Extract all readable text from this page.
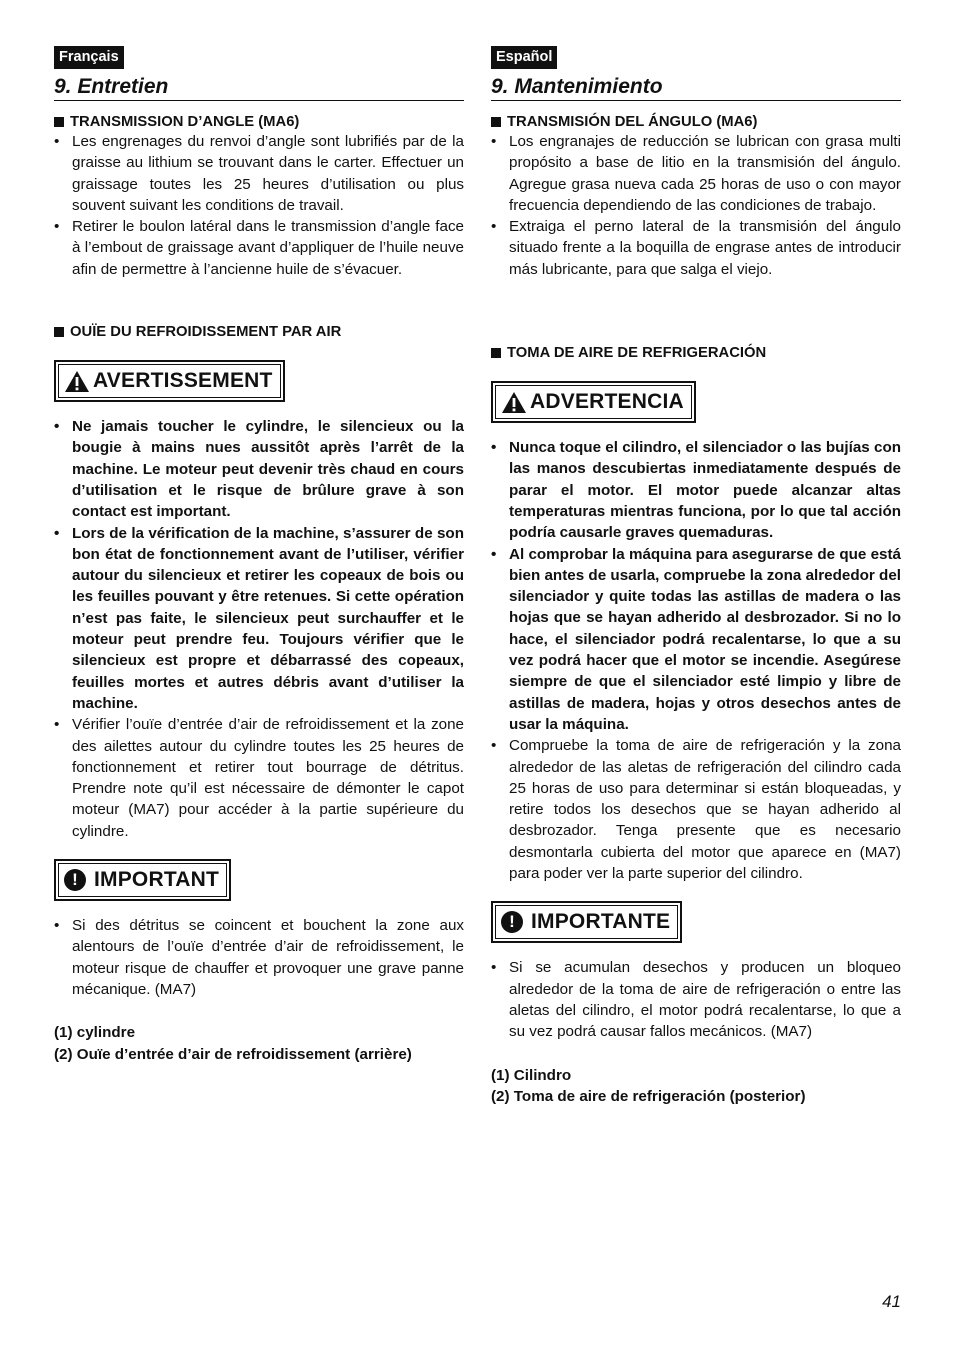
Français
9. Entretien
TRANSMISSION D’ANGLE (MA6)
• Les engrenages du renvoi d’angle sont lubrifiés par de la graisse au lithium se trouvant dans le carter. Effectuer un graissage toutes les 25 heures d’utilisation ou plus souvent suivant les conditions de travail.
• Retirer le boulon latéral dans le transmission d’angle face à l’embout de graissage avant d’appliquer de l’huile neuve afin de permettre à l’ancienne huile de s’évacuer.
OUÏE DU REFROIDISSEMENT PAR AIR
AVERTISSEMENT
• Ne jamais toucher le cylindre, le silencieux ou la bougie à mains nues aussitôt après l’arrêt de la machine. Le moteur peut devenir très chaud en cours d’utilisation et le risque de brûlure grave à son contact est important.
• Lors de la vérification de la machine, s’assurer de son bon état de fonctionnement avant de l’utiliser, vérifier autour du silencieux et retirer les copeaux de bois ou les feuilles pouvant y être retenues. Si cette opération n’est pas faite, le silencieux peut surchauffer et le moteur peut prendre feu. Toujours vérifier que le silencieux est propre et débarrassé des copeaux, feuilles mortes et autres débris avant d’utiliser la machine.
• Vérifier l’ouïe d’entrée d’air de refroidissement et la zone des ailettes autour du cylindre toutes les 25 heures de fonctionnement et retirer tout bourrage de détritus. Prendre note qu’il est nécessaire de démonter le capot moteur (MA7) pour accéder à la partie supérieure du cylindre.
! IMPORTANT
• Si des détritus se coincent et bouchent la zone aux alentours de l’ouïe d’entrée d’air de refroidissement, le moteur risque de chauffer et provoquer une grave panne mécanique. (MA7)
(1) cylindre
(2) Ouïe d’entrée d’air de refroidissement (arrière)
Español
9. Mantenimiento
TRANSMISIÓN DEL ÁNGULO (MA6)
• Los engranajes de reducción se lubrican con grasa multi propósito a base de litio en la transmisión del ángulo. Agregue grasa nueva cada 25 horas de uso o con mayor frecuencia dependiendo de las condiciones de trabajo.
• Extraiga el perno lateral de la transmisión del ángulo situado frente a la boquilla de engrase antes de introducir más lubricante, para que salga el viejo.
TOMA DE AIRE DE REFRIGERACIÓN
ADVERTENCIA
• Nunca toque el cilindro, el silenciador o las bujías con las manos descubiertas inmediatamente después de parar el motor. El motor puede alcanzar altas temperaturas mientras funciona, por lo que tal acción podría causarle graves quemaduras.
• Al comprobar la máquina para asegurarse de que está bien antes de usarla, compruebe la zona alrededor del silenciador y quite todas las astillas de madera o las hojas que se hayan adherido al desbrozador. Si no lo hace, el silenciador podrá recalentarse, lo que a su vez podrá hacer que el motor se incendie. Asegúrese siempre de que el silenciador esté limpio y libre de astillas de madera, hojas y otros desechos antes de usar la máquina.
• Compruebe la toma de aire de refrigeración y la zona alrededor de las aletas de refrigeración del cilindro cada 25 horas de uso para determinar si están bloqueadas, y retire todos los desechos que se hayan adherido al desbrozador. Tenga presente que es necesario desmontarla cubierta del motor que aparece en (MA7) para poder ver la parte superior del cilindro.
! IMPORTANTE
• Si se acumulan desechos y producen un bloqueo alrededor de la toma de aire de refrigeración o entre las aletas del cilindro, el motor podrá recalentarse, lo que a su vez podrá causar fallos mecánicos. (MA7)
(1) Cilindro
(2) Toma de aire de refrigeración (posterior)
41
